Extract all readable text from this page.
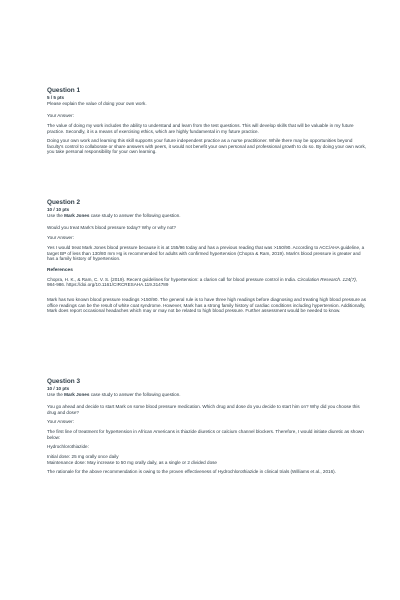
Question 1

5 / 5 pts

Please explain the value of doing your own work.

Your Answer:

The value of doing my work includes the ability to understand and learn from the test questions. This will develop skills that will be valuable in my future practice. Secondly, it is a means of exercising ethics, which are highly fundamental in my future practice.

Doing your own work and learning this skill supports your future independent practice as a nurse practitioner. While there may be opportunities beyond faculty's control to collaborate or share answers with peers, it would not benefit your own personal and professional growth to do so. By doing your own work, you take personal responsibility for your own learning.

Question 2

10 / 10 pts

Use the Mark Jones case study to answer the following question.

Would you treat Mark's blood pressure today? Why or why not?

Your Answer:

Yes I would treat Mark Jones blood pressure because it is at 155/96 today and has a previous reading that was >150/90. According to ACC/AHA guideline, a target BP of less than 130/80 mm Hg is recommended for adults with confirmed hypertension (Chopra & Ram, 2019). Mark's blood pressure is greater and has a family history of hypertension.

References

Chopra, H. K., & Ram, C. V. S. (2019). Recent guidelines for hypertension: a clarion call for blood pressure control in India. Circulation Research. 124(7), 984-986. https://doi.org/10.1161/CIRCRESAHA.119.314789

Mark has two known blood pressure readings >150/90. The general rule is to have three high readings before diagnosing and treating high blood pressure as office readings can be the result of white coat syndrome. However, Mark has a strong family history of cardiac conditions including hypertension. Additionally, Mark does report occasional headaches which may or may not be related to high blood pressure. Further assessment would be needed to know.

Question 3

10 / 10 pts

Use the Mark Jones case study to answer the following question.

You go ahead and decide to start Mark on some blood pressure medication. Which drug and dose do you decide to start him on? Why did you choose this drug and dose?

Your Answer:

The first line of treatment for hypertension in African Americans is thiazide diuretics or calcium channel blockers. Therefore, I would initiate diuretic as shown below:

Hydrochlorothiazide:

Initial dose: 25 mg orally once daily

Maintenance dose: May increase to 50 mg orally daily, as a single or 2 divided dose

The rationale for the above recommendation is owing to the proven effectiveness of Hydrochlorothiazide in clinical trials (Williams et al., 2016).
